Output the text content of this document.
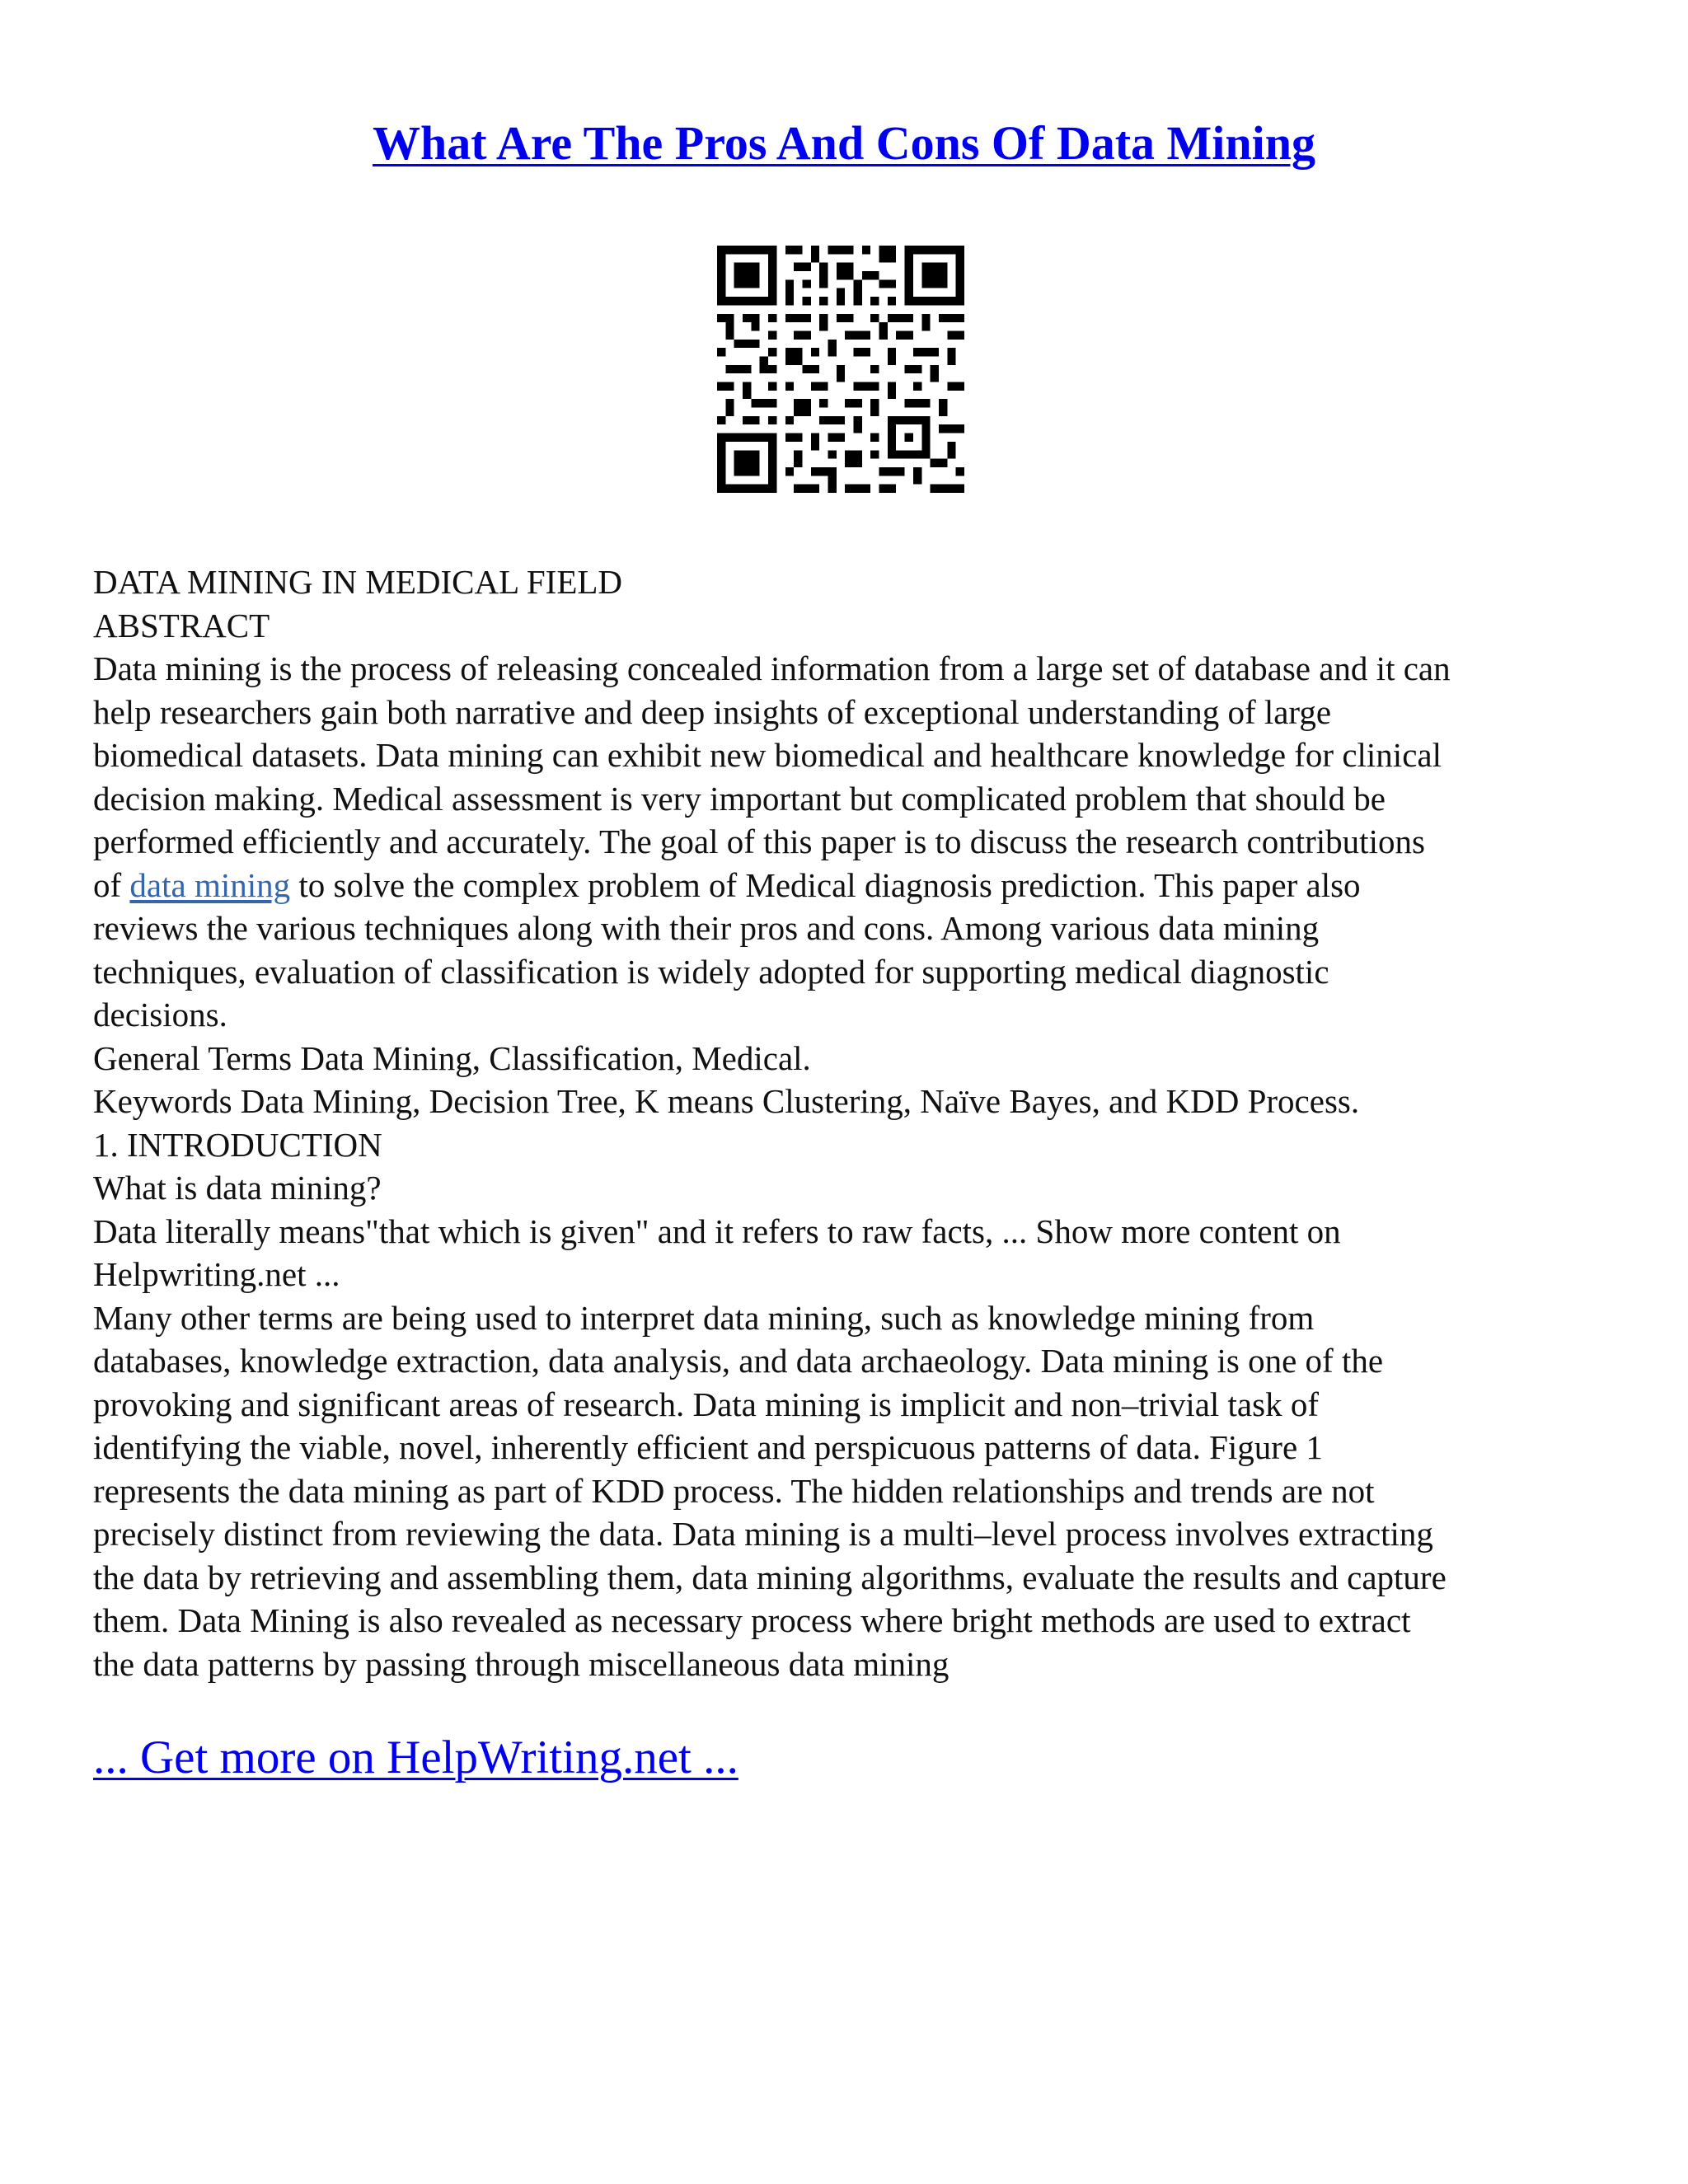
What Are The Pros And Cons Of Data Mining
DATA MINING IN MEDICAL FIELD
ABSTRACT
Data mining is the process of releasing concealed information from a large set of database and it can
help researchers gain both narrative and deep insights of exceptional understanding of large
biomedical datasets. Data mining can exhibit new biomedical and healthcare knowledge for clinical
decision making. Medical assessment is very important but complicated problem that should be
performed efficiently and accurately. The goal of this paper is to discuss the research contributions
of data mining to solve the complex problem of Medical diagnosis prediction. This paper also
reviews the various techniques along with their pros and cons. Among various data mining
techniques, evaluation of classification is widely adopted for supporting medical diagnostic
decisions.
General Terms Data Mining, Classification, Medical.
Keywords Data Mining, Decision Tree, K means Clustering, Naïve Bayes, and KDD Process.
1. INTRODUCTION
What is data mining?
Data literally means"that which is given" and it refers to raw facts, ... Show more content on
Helpwriting.net ...
Many other terms are being used to interpret data mining, such as knowledge mining from
databases, knowledge extraction, data analysis, and data archaeology. Data mining is one of the
provoking and significant areas of research. Data mining is implicit and non–trivial task of
identifying the viable, novel, inherently efficient and perspicuous patterns of data. Figure 1
represents the data mining as part of KDD process. The hidden relationships and trends are not
precisely distinct from reviewing the data. Data mining is a multi–level process involves extracting
the data by retrieving and assembling them, data mining algorithms, evaluate the results and capture
them. Data Mining is also revealed as necessary process where bright methods are used to extract
the data patterns by passing through miscellaneous data mining
... Get more on HelpWriting.net ...
